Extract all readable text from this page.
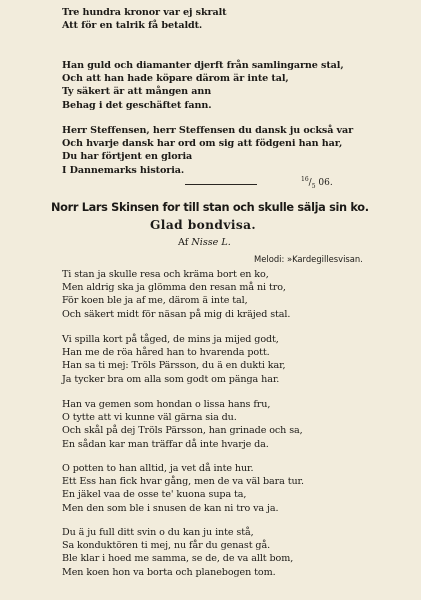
Tre hundra kronor var ej skralt
Att för en talrik få betaldt.
Han guld och diamanter djerft från samlingarne stal,
Och att han hade köpare därom är inte tal,
Ty säkert är att mången ann
Behag i det geschäftet fann.
Herr Steffensen, herr Steffensen du dansk ju också var
Och hvarje dansk har ord om sig att födgeni han har,
Du har förtjent en gloria
I Dannemarks historia.
$^{16}/_5$ 06.
Norr Lars Skinsen for till stan och skulle sälja sin ko.
Glad bondvisa.
Af Nisse L.
Melodi: »Kardegillesvisan.
Ti stan ja skulle resa och kräma bort en ko,
Men aldrig ska ja glömma den resan må ni tro,
För koen ble ja af me, därom ä inte tal,
Och säkert midt för näsan på mig di kräjed stal.
Vi spilla kort på tåged, de mins ja mijed godt,
Han me de röa håred han to hvarenda pott.
Han sa ti mej: Tröls Pärsson, du ä en dukti kar,
Ja tycker bra om alla som godt om pänga har.
Han va gemen som hondan o lissa hans fru,
O tytte att vi kunne väl gärna sia du.
Och skål på dej Tröls Pärsson, han grinade och sa,
En sådan kar man träffar då inte hvarje da.
O potten to han alltid, ja vet då inte hur.
Ett Ess han fick hvar gång, men de va väl bara tur.
En jäkel vaa de osse te' kuona supa ta,
Men den som ble i snusen de kan ni tro va ja.
Du ä ju full ditt svin o du kan ju inte stå,
Sa konduktören ti mej, nu får du genast gå.
Ble klar i hoed me samma, se de, de va allt bom,
Men koen hon va borta och planebogen tom.
